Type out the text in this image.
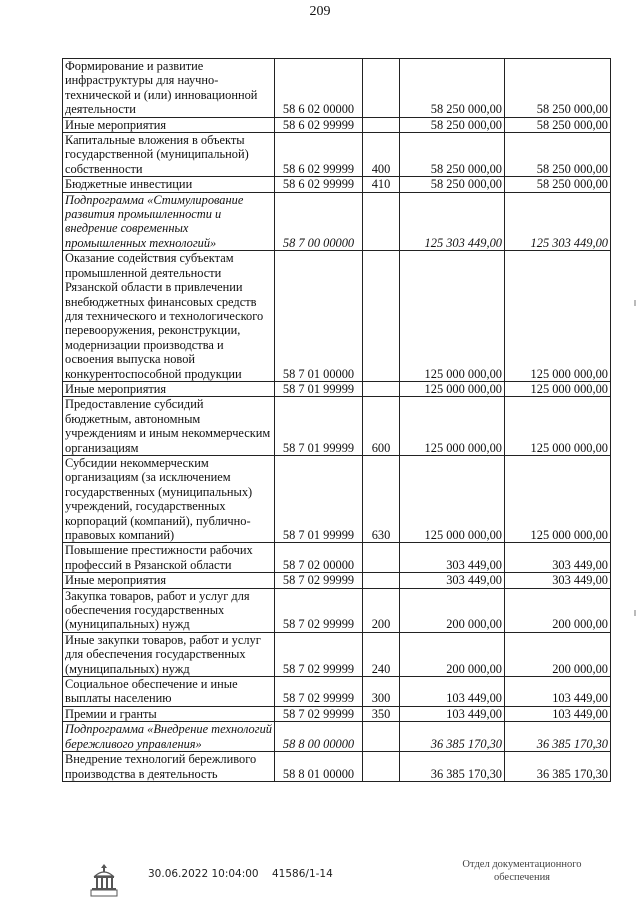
209
Формирование и развитие инфраструктуры для научно-технической и (или) инновационной деятельности	58 6 02 00000		58 250 000,00	58 250 000,00
Иные мероприятия	58 6 02 99999		58 250 000,00	58 250 000,00
Капитальные вложения в объекты государственной (муниципальной) собственности	58 6 02 99999	400	58 250 000,00	58 250 000,00
Бюджетные инвестиции	58 6 02 99999	410	58 250 000,00	58 250 000,00
Подпрограмма «Стимулирование развития промышленности и внедрение современных промышленных технологий»	58 7 00 00000		125 303 449,00	125 303 449,00
Оказание содействия субъектам промышленной деятельности Рязанской области в привлечении внебюджетных финансовых средств для технического и технологического перевооружения, реконструкции, модернизации производства и освоения выпуска новой конкурентоспособной продукции	58 7 01 00000		125 000 000,00	125 000 000,00
Иные мероприятия	58 7 01 99999		125 000 000,00	125 000 000,00
Предоставление субсидий бюджетным, автономным учреждениям и иным некоммерческим организациям	58 7 01 99999	600	125 000 000,00	125 000 000,00
Субсидии некоммерческим организациям (за исключением государственных (муниципальных) учреждений, государственных корпораций (компаний), публично-правовых компаний)	58 7 01 99999	630	125 000 000,00	125 000 000,00
Повышение престижности рабочих профессий в Рязанской области	58 7 02 00000		303 449,00	303 449,00
Иные мероприятия	58 7 02 99999		303 449,00	303 449,00
Закупка товаров, работ и услуг для обеспечения государственных (муниципальных) нужд	58 7 02 99999	200	200 000,00	200 000,00
Иные закупки товаров, работ и услуг для обеспечения государственных (муниципальных) нужд	58 7 02 99999	240	200 000,00	200 000,00
Социальное обеспечение и иные выплаты населению	58 7 02 99999	300	103 449,00	103 449,00
Премии и гранты	58 7 02 99999	350	103 449,00	103 449,00
Подпрограмма «Внедрение технологий бережливого управления»	58 8 00 00000		36 385 170,30	36 385 170,30
Внедрение технологий бережливого производства в деятельность	58 8 01 00000		36 385 170,30	36 385 170,30
30.06.2022 10:04:00 41586/1-14
Отдел документационного обеспечения
